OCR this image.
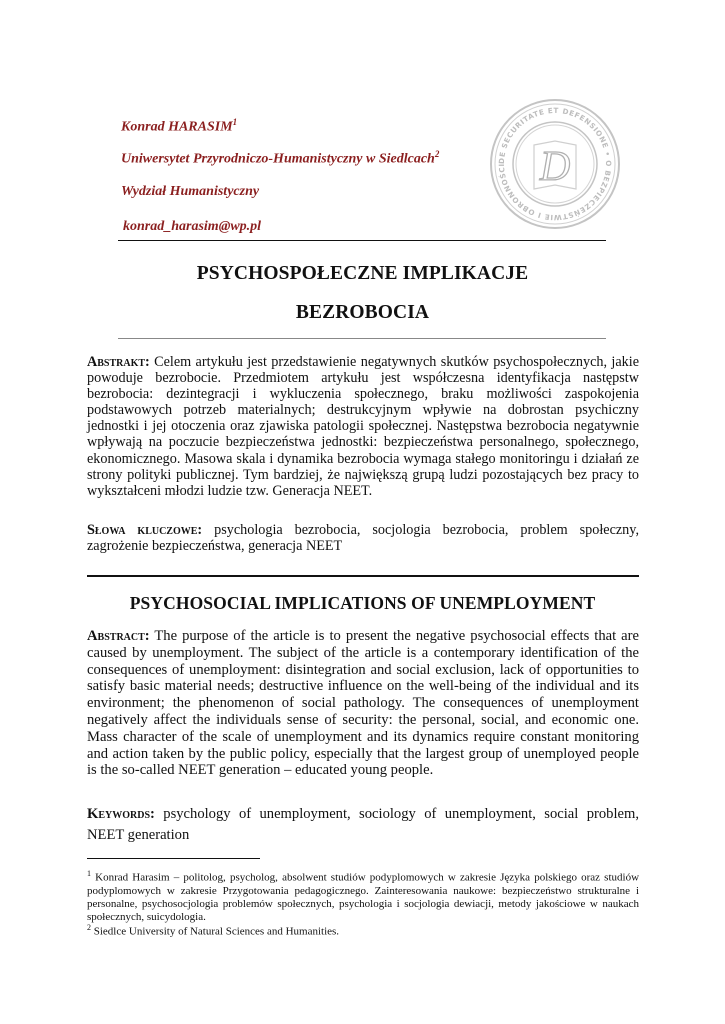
DE SECURITATE ET DEFENSIONE • O BEZPIECZEŃSTWIE I OBRONNOŚCI D
Konrad HARASIM$^1$
Uniwersytet Przyrodniczo-Humanistyczny w Siedlcach$^2$
Wydział Humanistyczny
konrad_harasim@wp.pl
PSYCHOSPOŁECZNE IMPLIKACJE
BEZROBOCIA
Abstrakt: Celem artykułu jest przedstawienie negatywnych skutków psychospołecznych, jakie powoduje bezrobocie. Przedmiotem artykułu jest współczesna identyfikacja następstw bezrobocia: dezintegracji i wykluczenia społecznego, braku możliwości zaspokojenia podstawowych potrzeb materialnych; destrukcyjnym wpływie na dobrostan psychiczny jednostki i jej otoczenia oraz zjawiska patologii społecznej. Następstwa bezrobocia negatywnie wpływają na poczucie bezpieczeństwa jednostki: bezpieczeństwa personalnego, społecznego, ekonomicznego. Masowa skala i dynamika bezrobocia wymaga stałego monitoringu i działań ze strony polityki publicznej. Tym bardziej, że największą grupą ludzi pozostających bez pracy to wykształceni młodzi ludzie tzw. Generacja NEET.
Słowa kluczowe: psychologia bezrobocia, socjologia bezrobocia, problem społeczny, zagrożenie bezpieczeństwa, generacja NEET
PSYCHOSOCIAL IMPLICATIONS OF UNEMPLOYMENT
Abstract: The purpose of the article is to present the negative psychosocial effects that are caused by unemployment. The subject of the article is a contemporary identification of the consequences of unemployment: disintegration and social exclusion, lack of opportunities to satisfy basic material needs; destructive influence on the well-being of the individual and its environment; the phenomenon of social pathology. The consequences of unemployment negatively affect the individuals sense of security: the personal, social, and economic one. Mass character of the scale of unemployment and its dynamics require constant monitoring and action taken by the public policy, especially that the largest group of unemployed people is the so-called NEET generation – educated young people.
Keywords: psychology of unemployment, sociology of unemployment, social problem, NEET generation
$^1$ Konrad Harasim – politolog, psycholog, absolwent studiów podyplomowych w zakresie Języka polskiego oraz studiów podyplomowych w zakresie Przygotowania pedagogicznego. Zainteresowania naukowe: bezpieczeństwo strukturalne i personalne, psychosocjologia problemów społecznych, psychologia i socjologia dewiacji, metody jakościowe w naukach społecznych, suicydologia.
$^2$ Siedlce University of Natural Sciences and Humanities.
